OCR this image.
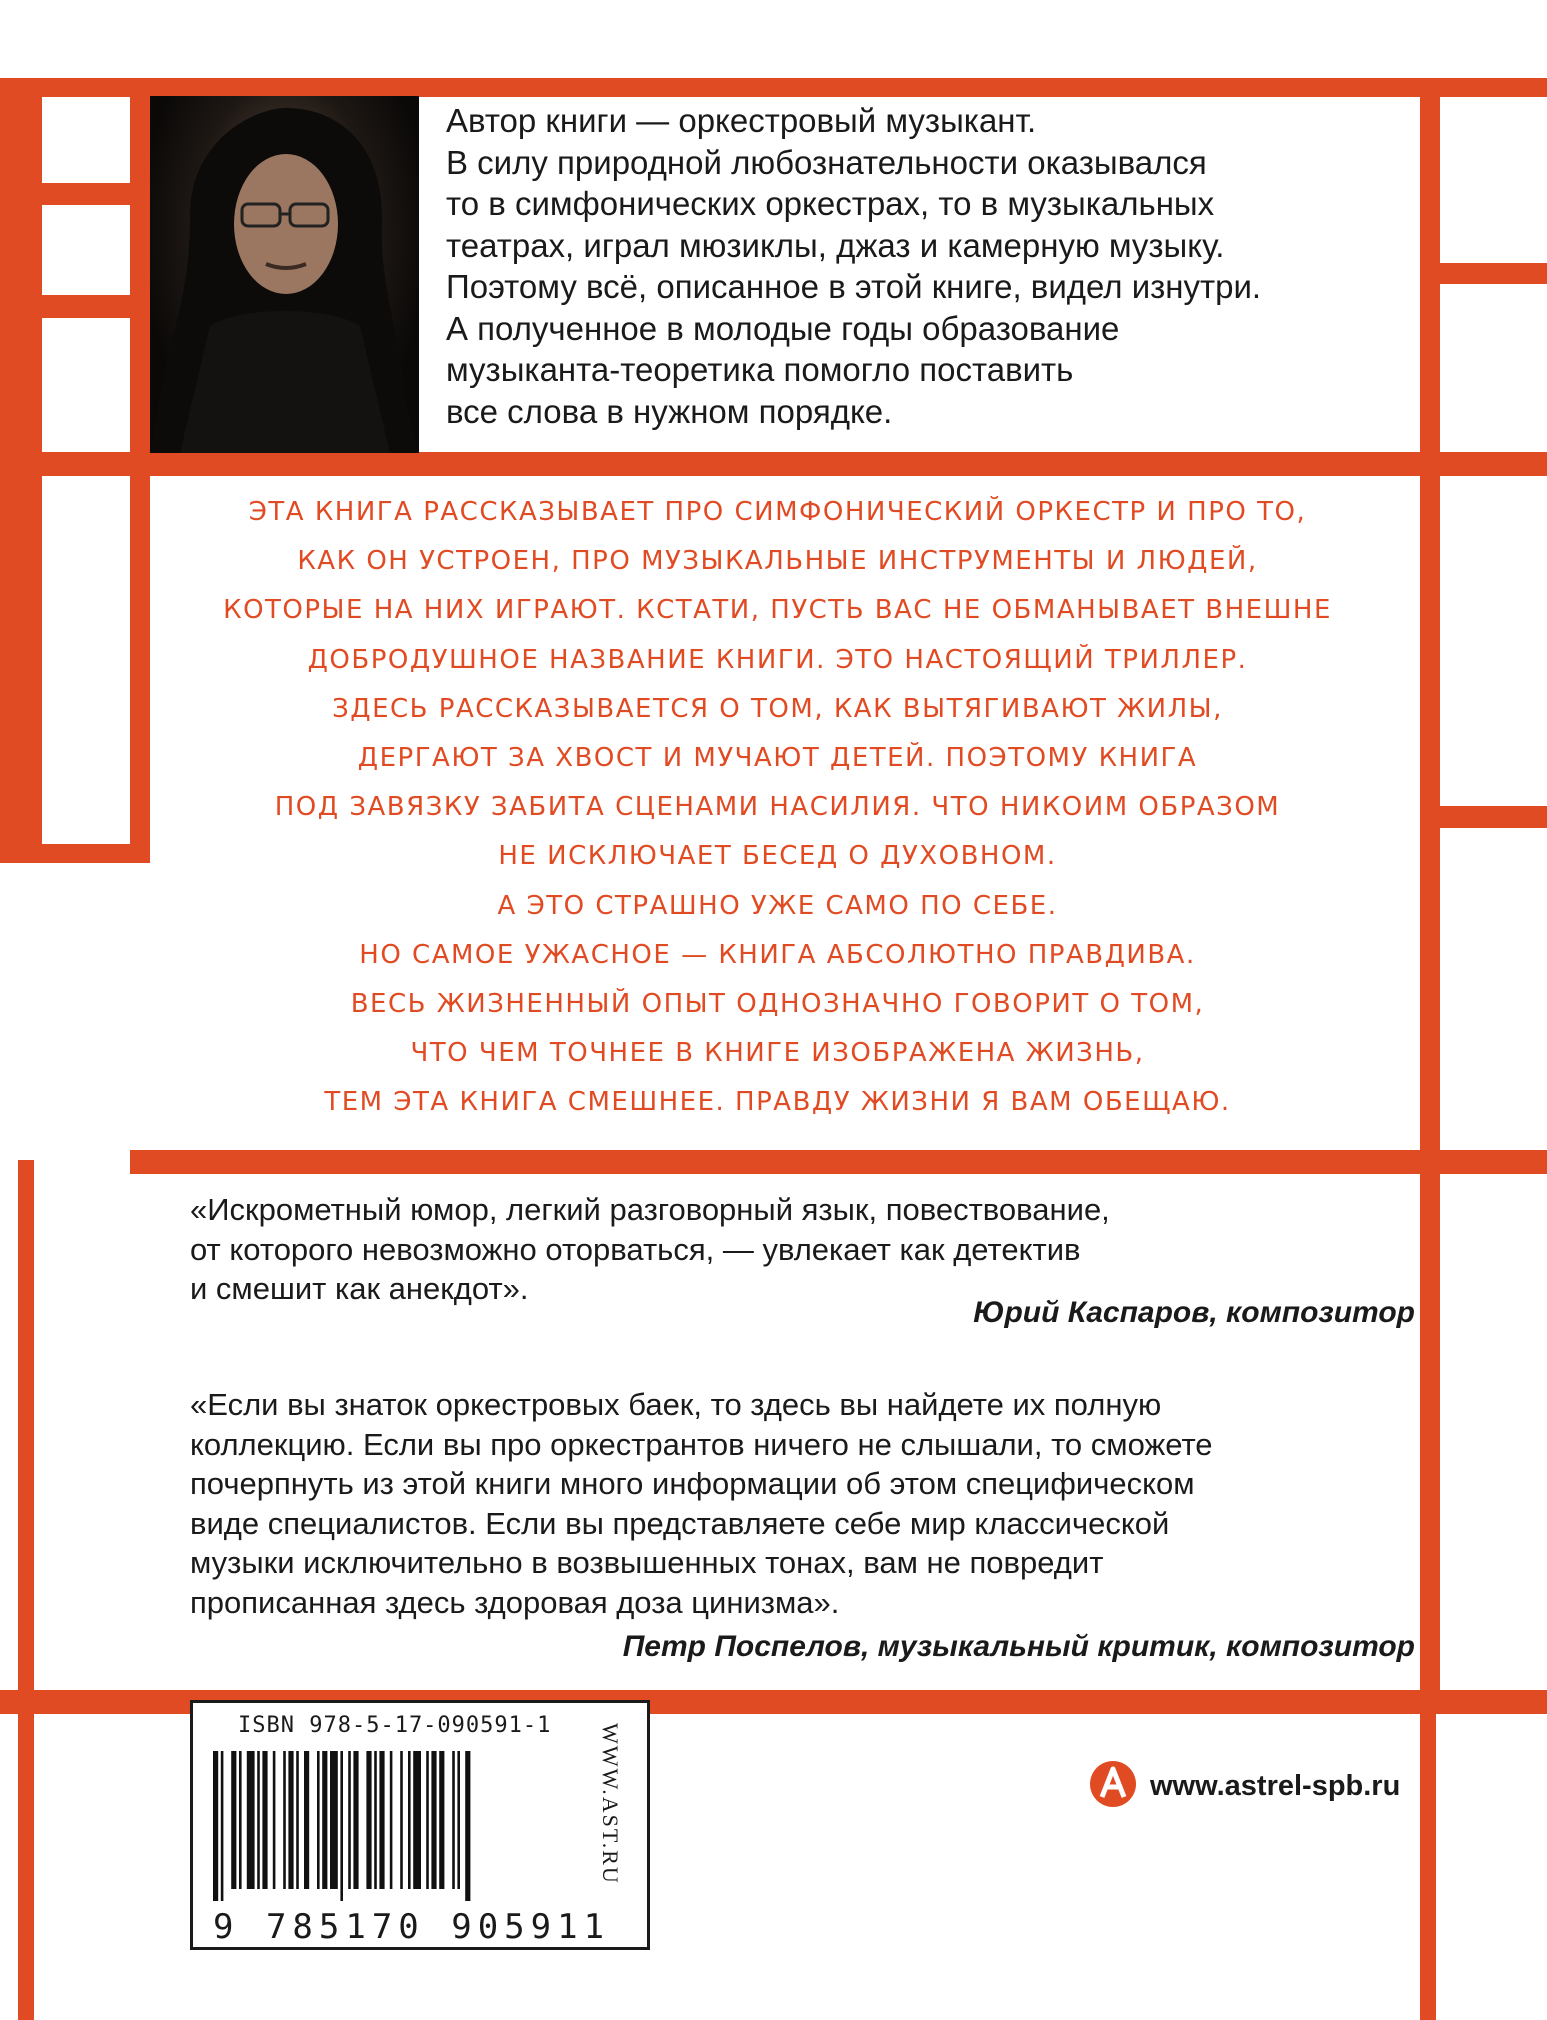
Автор книги — оркестровый музыкант.

В силу природной любознательности оказывался

то в симфонических оркестрах, то в музыкальных

театрах, играл мюзиклы, джаз и камерную музыку.

Поэтому всё, описанное в этой книге, видел изнутри.

А полученное в молодые годы образование

музыканта-теоретика помогло поставить

все слова в нужном порядке.

ЭТА КНИГА РАССКАЗЫВАЕТ ПРО СИМФОНИЧЕСКИЙ ОРКЕСТР И ПРО ТО,

КАК ОН УСТРОЕН, ПРО МУЗЫКАЛЬНЫЕ ИНСТРУМЕНТЫ И ЛЮДЕЙ,

КОТОРЫЕ НА НИХ ИГРАЮТ. КСТАТИ, ПУСТЬ ВАС НЕ ОБМАНЫВАЕТ ВНЕШНЕ

ДОБРОДУШНОЕ НАЗВАНИЕ КНИГИ. ЭТО НАСТОЯЩИЙ ТРИЛЛЕР.

ЗДЕСЬ РАССКАЗЫВАЕТСЯ О ТОМ, КАК ВЫТЯГИВАЮТ ЖИЛЫ,

ДЕРГАЮТ ЗА ХВОСТ И МУЧАЮТ ДЕТЕЙ. ПОЭТОМУ КНИГА

ПОД ЗАВЯЗКУ ЗАБИТА СЦЕНАМИ НАСИЛИЯ. ЧТО НИКОИМ ОБРАЗОМ

НЕ ИСКЛЮЧАЕТ БЕСЕД О ДУХОВНОМ.

А ЭТО СТРАШНО УЖЕ САМО ПО СЕБЕ.

НО САМОЕ УЖАСНОЕ — КНИГА АБСОЛЮТНО ПРАВДИВА.

ВЕСЬ ЖИЗНЕННЫЙ ОПЫТ ОДНОЗНАЧНО ГОВОРИТ О ТОМ,

ЧТО ЧЕМ ТОЧНЕЕ В КНИГЕ ИЗОБРАЖЕНА ЖИЗНЬ,

ТЕМ ЭТА КНИГА СМЕШНЕЕ. ПРАВДУ ЖИЗНИ Я ВАМ ОБЕЩАЮ.

«Искрометный юмор, легкий разговорный язык, повествование,

от которого невозможно оторваться, — увлекает как детектив

и смешит как анекдот».

Юрий Каспаров, композитор

«Если вы знаток оркестровых баек, то здесь вы найдете их полную

коллекцию. Если вы про оркестрантов ничего не слышали, то сможете

почерпнуть из этой книги много информации об этом специфическом

виде специалистов. Если вы представляете себе мир классической

музыки исключительно в возвышенных тонах, вам не повредит

прописанная здесь здоровая доза цинизма».

Петр Поспелов, музыкальный критик, композитор
ISBN 978-5-17-090591-1
9 785170 905911
WWW.AST.RU	www.astrel-spb.ru
